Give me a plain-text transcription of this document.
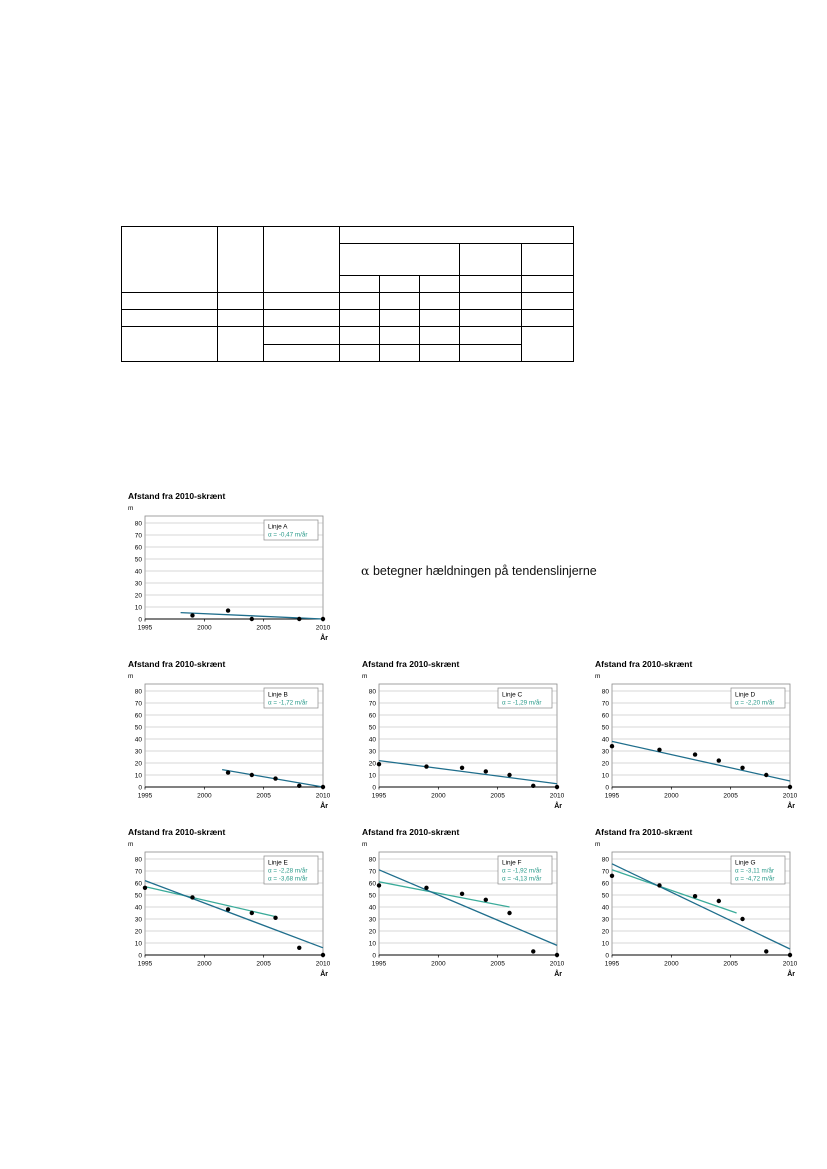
α betegner hældningen på tendenslinjerne
Afstand fra 2010-skrænt
m
0
10
20
30
40
50
60
70
80
1995	2000	2005	2010
År
Linje A
α = -0,47 m/år
Afstand fra 2010-skrænt
m
0
10
20
30
40
50
60
70
80
1995	2000	2005	2010
År
Linje B
α = -1,72 m/år
Afstand fra 2010-skrænt
m
0
10
20
30
40
50
60
70
80
1995	2000	2005	2010
År
Linje C
α = -1,29 m/år
Afstand fra 2010-skrænt
m
0
10
20
30
40
50
60
70
80
1995	2000	2005	2010
År
Linje D
α = -2,20 m/år
Afstand fra 2010-skrænt
m
0
10
20
30
40
50
60
70
80
1995	2000	2005	2010
År
Linje E
α = -2,28 m/år
α = -3,68 m/år
Afstand fra 2010-skrænt
m
0
10
20
30
40
50
60
70
80
1995	2000	2005	2010
År
Linje F
α = -1,92 m/år
α = -4,13 m/år
Afstand fra 2010-skrænt
m
0
10
20
30
40
50
60
70
80
1995	2000	2005	2010
År
Linje G
α = -3,11 m/år
α = -4,72 m/år
